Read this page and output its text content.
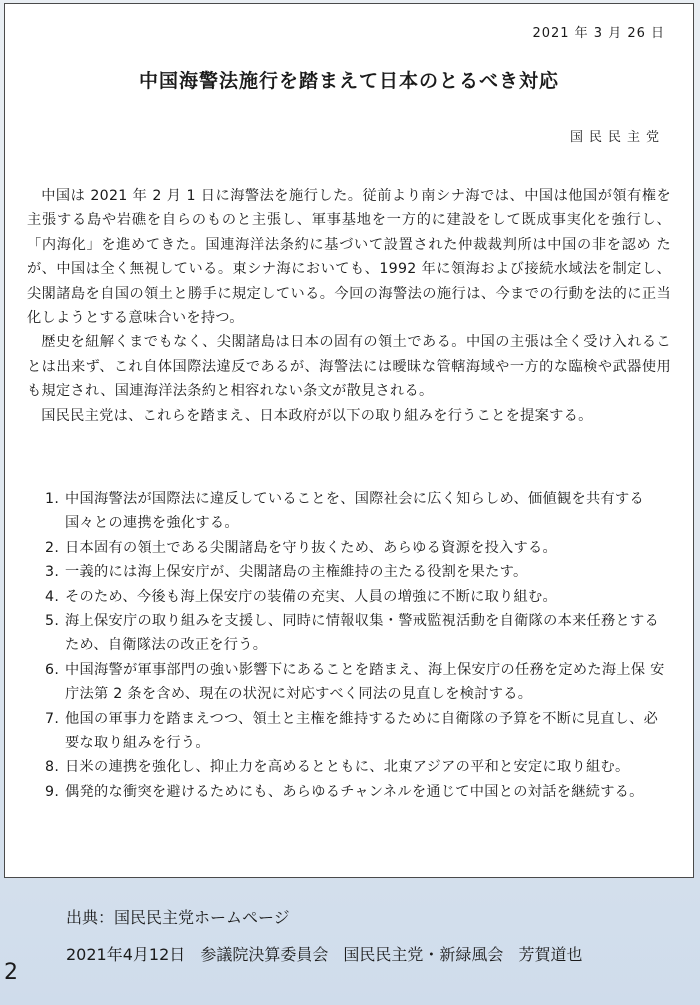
2021 年 3 月 26 日
中国海警法施行を踏まえて日本のとるべき対応
国民民主党

中国は 2021 年 2 月 1 日に海警法を施行した。従前より南シナ海では、中国は他国が領有権を主張する島や岩礁を自らのものと主張し、軍事基地を一方的に建設をして既成事実化を強行し、「内海化」を進めてきた。国連海洋法条約に基づいて設置された仲裁裁判所は中国の非を認め たが、中国は全く無視している。東シナ海においても、1992 年に領海および接続水域法を制定し、尖閣諸島を自国の領土と勝手に規定している。今回の海警法の施行は、今までの行動を法的に正当化しようとする意味合いを持つ。

歴史を紐解くまでもなく、尖閣諸島は日本の固有の領土である。中国の主張は全く受け入れることは出来ず、これ自体国際法違反であるが、海警法には曖昧な管轄海域や一方的な臨検や武器使用も規定され、国連海洋法条約と相容れない条文が散見される。

国民民主党は、これらを踏まえ、日本政府が以下の取り組みを行うことを提案する。

1. 中国海警法が国際法に違反していることを、国際社会に広く知らしめ、価値観を共有する国々との連携を強化する。
2. 日本固有の領土である尖閣諸島を守り抜くため、あらゆる資源を投入する。
3. 一義的には海上保安庁が、尖閣諸島の主権維持の主たる役割を果たす。
4. そのため、今後も海上保安庁の装備の充実、人員の増強に不断に取り組む。
5. 海上保安庁の取り組みを支援し、同時に情報収集・警戒監視活動を自衛隊の本来任務とするため、自衛隊法の改正を行う。
6. 中国海警が軍事部門の強い影響下にあることを踏まえ、海上保安庁の任務を定めた海上保 安庁法第 2 条を含め、現在の状況に対応すべく同法の見直しを検討する。
7. 他国の軍事力を踏まえつつ、領土と主権を維持するために自衛隊の予算を不断に見直し、必要な取り組みを行う。
8. 日米の連携を強化し、抑止力を高めるとともに、北東アジアの平和と安定に取り組む。
9. 偶発的な衝突を避けるためにも、あらゆるチャンネルを通じて中国との対話を継続する。
出典：国民民主党ホームページ
2021年4月12日 参議院決算委員会 国民民主党・新緑風会 芳賀道也
2
